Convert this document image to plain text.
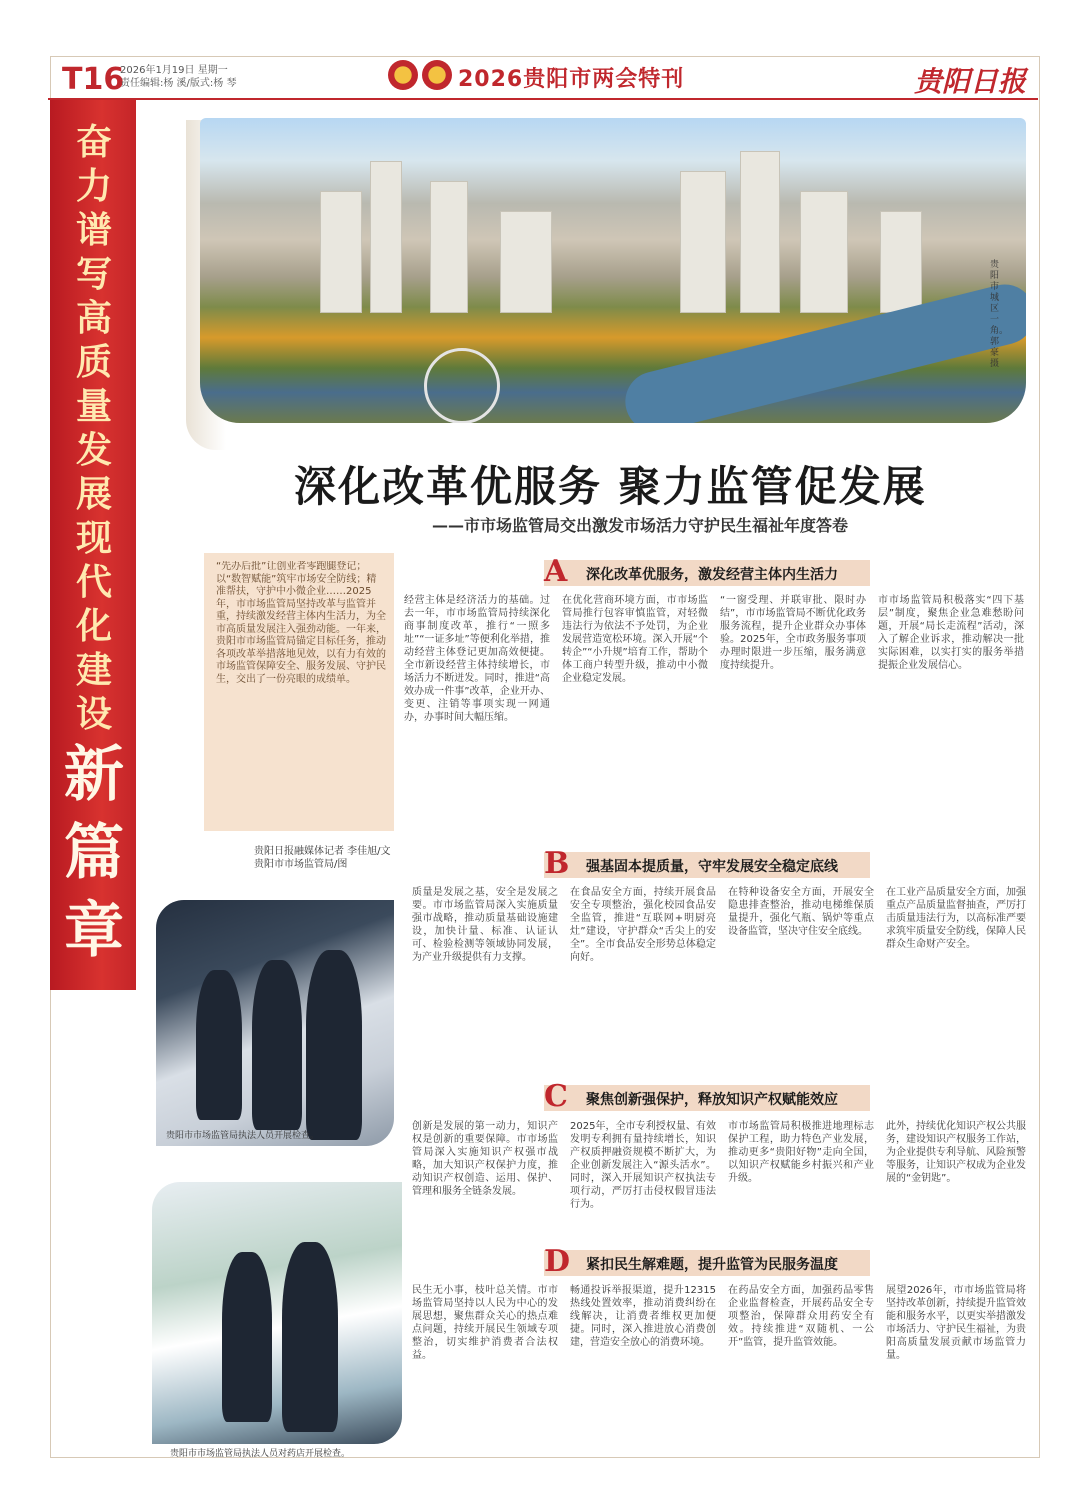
T16
2026年1月19日 星期一
责任编辑:杨 溪/版式:杨 琴	2026贵阳市两会特刊	贵阳日报
奋力谱写高质量发展现代化建设
新篇章
贵阳市城区一角。 郭 豪 摄
深化改革优服务 聚力监管促发展
——市市场监管局交出激发市场活力守护民生福祉年度答卷
“先办后批”让创业者零跑腿登记；以“数智赋能”筑牢市场安全防线；精准帮扶，守护中小微企业……2025年，市市场监管局坚持改革与监管并重，持续激发经营主体内生活力，为全市高质量发展注入强劲动能。一年来，贵阳市市场监管局锚定目标任务，推动各项改革举措落地见效，以有力有效的市场监管保障安全、服务发展、守护民生，交出了一份亮眼的成绩单。
贵阳日报融媒体记者 李佳旭/文
贵阳市市场监管局/图
A 深化改革优服务，激发经营主体内生活力
经营主体是经济活力的基础。过去一年，市市场监管局持续深化商事制度改革，推行“一照多址”“一证多址”等便利化举措，推动经营主体登记更加高效便捷。全市新设经营主体持续增长，市场活力不断迸发。同时，推进“高效办成一件事”改革，企业开办、变更、注销等事项实现一网通办，办事时间大幅压缩。
在优化营商环境方面，市市场监管局推行包容审慎监管，对轻微违法行为依法不予处罚，为企业发展营造宽松环境。深入开展“个转企”“小升规”培育工作，帮助个体工商户转型升级，推动中小微企业稳定发展。
“一窗受理、并联审批、限时办结”，市市场监管局不断优化政务服务流程，提升企业群众办事体验。2025年，全市政务服务事项办理时限进一步压缩，服务满意度持续提升。
市市场监管局积极落实“四下基层”制度，聚焦企业急难愁盼问题，开展“局长走流程”活动，深入了解企业诉求，推动解决一批实际困难，以实打实的服务举措提振企业发展信心。
B 强基固本提质量，守牢发展安全稳定底线
质量是发展之基，安全是发展之要。市市场监管局深入实施质量强市战略，推动质量基础设施建设，加快计量、标准、认证认可、检验检测等领域协同发展，为产业升级提供有力支撑。
在食品安全方面，持续开展食品安全专项整治，强化校园食品安全监管，推进“互联网+明厨亮灶”建设，守护群众“舌尖上的安全”。全市食品安全形势总体稳定向好。
在特种设备安全方面，开展安全隐患排查整治，推动电梯维保质量提升，强化气瓶、锅炉等重点设备监管，坚决守住安全底线。
在工业产品质量安全方面，加强重点产品质量监督抽查，严厉打击质量违法行为，以高标准严要求筑牢质量安全防线，保障人民群众生命财产安全。
C 聚焦创新强保护，释放知识产权赋能效应
创新是发展的第一动力，知识产权是创新的重要保障。市市场监管局深入实施知识产权强市战略，加大知识产权保护力度，推动知识产权创造、运用、保护、管理和服务全链条发展。
2025年，全市专利授权量、有效发明专利拥有量持续增长，知识产权质押融资规模不断扩大，为企业创新发展注入“源头活水”。同时，深入开展知识产权执法专项行动，严厉打击侵权假冒违法行为。
市市场监管局积极推进地理标志保护工程，助力特色产业发展，推动更多“贵阳好物”走向全国，以知识产权赋能乡村振兴和产业升级。
此外，持续优化知识产权公共服务，建设知识产权服务工作站，为企业提供专利导航、风险预警等服务，让知识产权成为企业发展的“金钥匙”。
D 紧扣民生解难题，提升监管为民服务温度
民生无小事，枝叶总关情。市市场监管局坚持以人民为中心的发展思想，聚焦群众关心的热点难点问题，持续开展民生领域专项整治，切实维护消费者合法权益。
畅通投诉举报渠道，提升12315热线处置效率，推动消费纠纷在线解决，让消费者维权更加便捷。同时，深入推进放心消费创建，营造安全放心的消费环境。
在药品安全方面，加强药品零售企业监督检查，开展药品安全专项整治，保障群众用药安全有效。持续推进“双随机、一公开”监管，提升监管效能。
展望2026年，市市场监管局将坚持改革创新，持续提升监管效能和服务水平，以更实举措激发市场活力、守护民生福祉，为贵阳高质量发展贡献市场监管力量。
贵阳市市场监管局执法人员开展检查。
贵阳市市场监管局执法人员对药店开展检查。
